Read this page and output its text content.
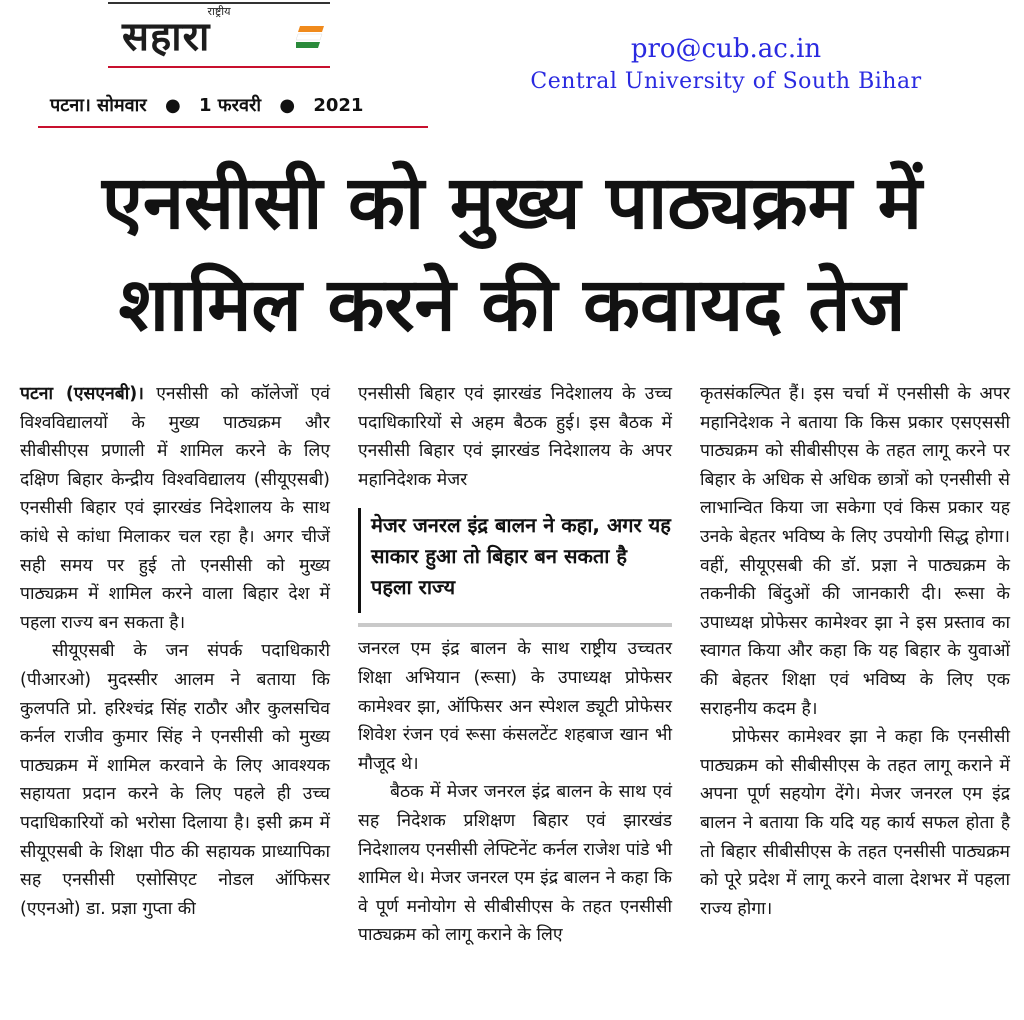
राष्ट्रीय
सहारा
पटना। सोमवार ● 1 फरवरी ● 2021
pro@cub.ac.in
Central University of South Bihar
एनसीसी को मुख्य पाठ्यक्रम में
शामिल करने की कवायद तेज

पटना (एसएनबी)। एनसीसी को कॉलेजों एवं विश्वविद्यालयों के मुख्य पाठ्यक्रम और सीबीसीएस प्रणाली में शामिल करने के लिए दक्षिण बिहार केन्द्रीय विश्वविद्यालय (सीयूएसबी) एनसीसी बिहार एवं झारखंड निदेशालय के साथ कांधे से कांधा मिलाकर चल रहा है। अगर चीजें सही समय पर हुई तो एनसीसी को मुख्य पाठ्यक्रम में शामिल करने वाला बिहार देश में पहला राज्य बन सकता है।

सीयूएसबी के जन संपर्क पदाधिकारी (पीआरओ) मुदस्सीर आलम ने बताया कि कुलपति प्रो. हरिश्चंद्र सिंह राठौर और कुलसचिव कर्नल राजीव कुमार सिंह ने एनसीसी को मुख्य पाठ्यक्रम में शामिल करवाने के लिए आवश्यक सहायता प्रदान करने के लिए पहले ही उच्च पदाधिकारियों को भरोसा दिलाया है। इसी क्रम में सीयूएसबी के शिक्षा पीठ की सहायक प्राध्यापिका सह एनसीसी एसोसिएट नोडल ऑफिसर (एएनओ) डा. प्रज्ञा गुप्ता की

एनसीसी बिहार एवं झारखंड निदेशालय के उच्च पदाधिकारियों से अहम बैठक हुई। इस बैठक में एनसीसी बिहार एवं झारखंड निदेशालय के अपर महानिदेशक मेजर

मेजर जनरल इंद्र बालन ने कहा, अगर यह साकार हुआ तो बिहार बन सकता है पहला राज्य

जनरल एम इंद्र बालन के साथ राष्ट्रीय उच्चतर शिक्षा अभियान (रूसा) के उपाध्यक्ष प्रोफेसर कामेश्वर झा, ऑफिसर अन स्पेशल ड्यूटी प्रोफेसर शिवेश रंजन एवं रूसा कंसलटेंट शहबाज खान भी मौजूद थे।

बैठक में मेजर जनरल इंद्र बालन के साथ एवं सह निदेशक प्रशिक्षण बिहार एवं झारखंड निदेशालय एनसीसी लेफ्टिनेंट कर्नल राजेश पांडे भी शामिल थे। मेजर जनरल एम इंद्र बालन ने कहा कि वे पूर्ण मनोयोग से सीबीसीएस के तहत एनसीसी पाठ्यक्रम को लागू कराने के लिए

कृतसंकल्पित हैं। इस चर्चा में एनसीसी के अपर महानिदेशक ने बताया कि किस प्रकार एसएससी पाठ्यक्रम को सीबीसीएस के तहत लागू करने पर बिहार के अधिक से अधिक छात्रों को एनसीसी से लाभान्वित किया जा सकेगा एवं किस प्रकार यह उनके बेहतर भविष्य के लिए उपयोगी सिद्ध होगा। वहीं, सीयूएसबी की डॉ. प्रज्ञा ने पाठ्यक्रम के तकनीकी बिंदुओं की जानकारी दी। रूसा के उपाध्यक्ष प्रोफेसर कामेश्वर झा ने इस प्रस्ताव का स्वागत किया और कहा कि यह बिहार के युवाओं की बेहतर शिक्षा एवं भविष्य के लिए एक सराहनीय कदम है।

प्रोफेसर कामेश्वर झा ने कहा कि एनसीसी पाठ्यक्रम को सीबीसीएस के तहत लागू कराने में अपना पूर्ण सहयोग देंगे। मेजर जनरल एम इंद्र बालन ने बताया कि यदि यह कार्य सफल होता है तो बिहार सीबीसीएस के तहत एनसीसी पाठ्यक्रम को पूरे प्रदेश में लागू करने वाला देशभर में पहला राज्य होगा।
